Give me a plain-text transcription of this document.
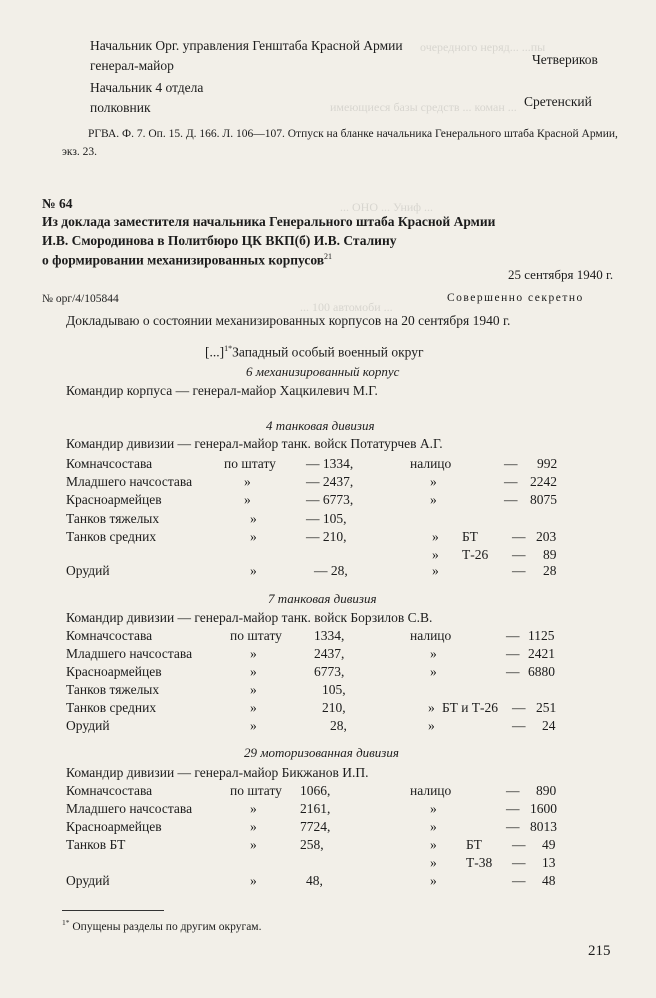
очередного неряд... ...пы
имеющиеся базы средств ... коман ...
... ОНО ... Униф ...
... 100 автомоби ...
Начальник Орг. управления Генштаба Красной Армии
генерал-майор	Четвериков
Начальник 4 отдела
полковник	Сретенский
РГВА. Ф. 7. Оп. 15. Д. 166. Л. 106—107. Отпуск на бланке начальника Генерального штаба Красной Армии,
экз. 23.
№ 64
Из доклада заместителя начальника Генерального штаба Красной Армии
И.В. Смородинова в Политбюро ЦК ВКП(б) И.В. Сталину
о формировании механизированных корпусов$^{21}$
25 сентября 1940 г.
№ орг/4/105844	Совершенно секретно
Докладываю о состоянии механизированных корпусов на 20 сентября 1940 г.
[...]$^{1*}$Западный особый военный округ
6 механизированный корпус
Командир корпуса — генерал-майор Хацкилевич М.Г.
4 танковая дивизия
Командир дивизии — генерал-майор танк. войск Потатурчев А.Г.
Комначсостава	по штату — 1334,	налицо	— 992
Младшего начсостава	»	— 2437,	»	— 2242
Красноармейцев	»	— 6773,	»	— 8075
Танков тяжелых	»	— 105,
Танков средних	»	— 210,	» БТ	— 203
» Т-26 — 89
Орудий	»	— 28,	»	— 28
7 танковая дивизия
Командир дивизии — генерал-майор танк. войск Борзилов С.В.
Комначсостава	по штату 1334,	налицо	— 1125
Младшего начсостава	»	2437,	»	— 2421
Красноармейцев	»	6773,	»	— 6880
Танков тяжелых	»	105,
Танков средних	»	210,	» БТ и Т-26 — 251
Орудий	»	28,	»	— 24
29 моторизованная дивизия
Командир дивизии — генерал-майор Бикжанов И.П.
Комначсостава	по штату 1066,	налицо	— 890
Младшего начсостава	»	2161,	»	— 1600
Красноармейцев	»	7724,	»	— 8013
Танков БТ	»	258,	» БТ — 49
» Т-38 — 13
Орудий	»	48,	»	— 48
$^{1*}$ Опущены разделы по другим округам.
215
